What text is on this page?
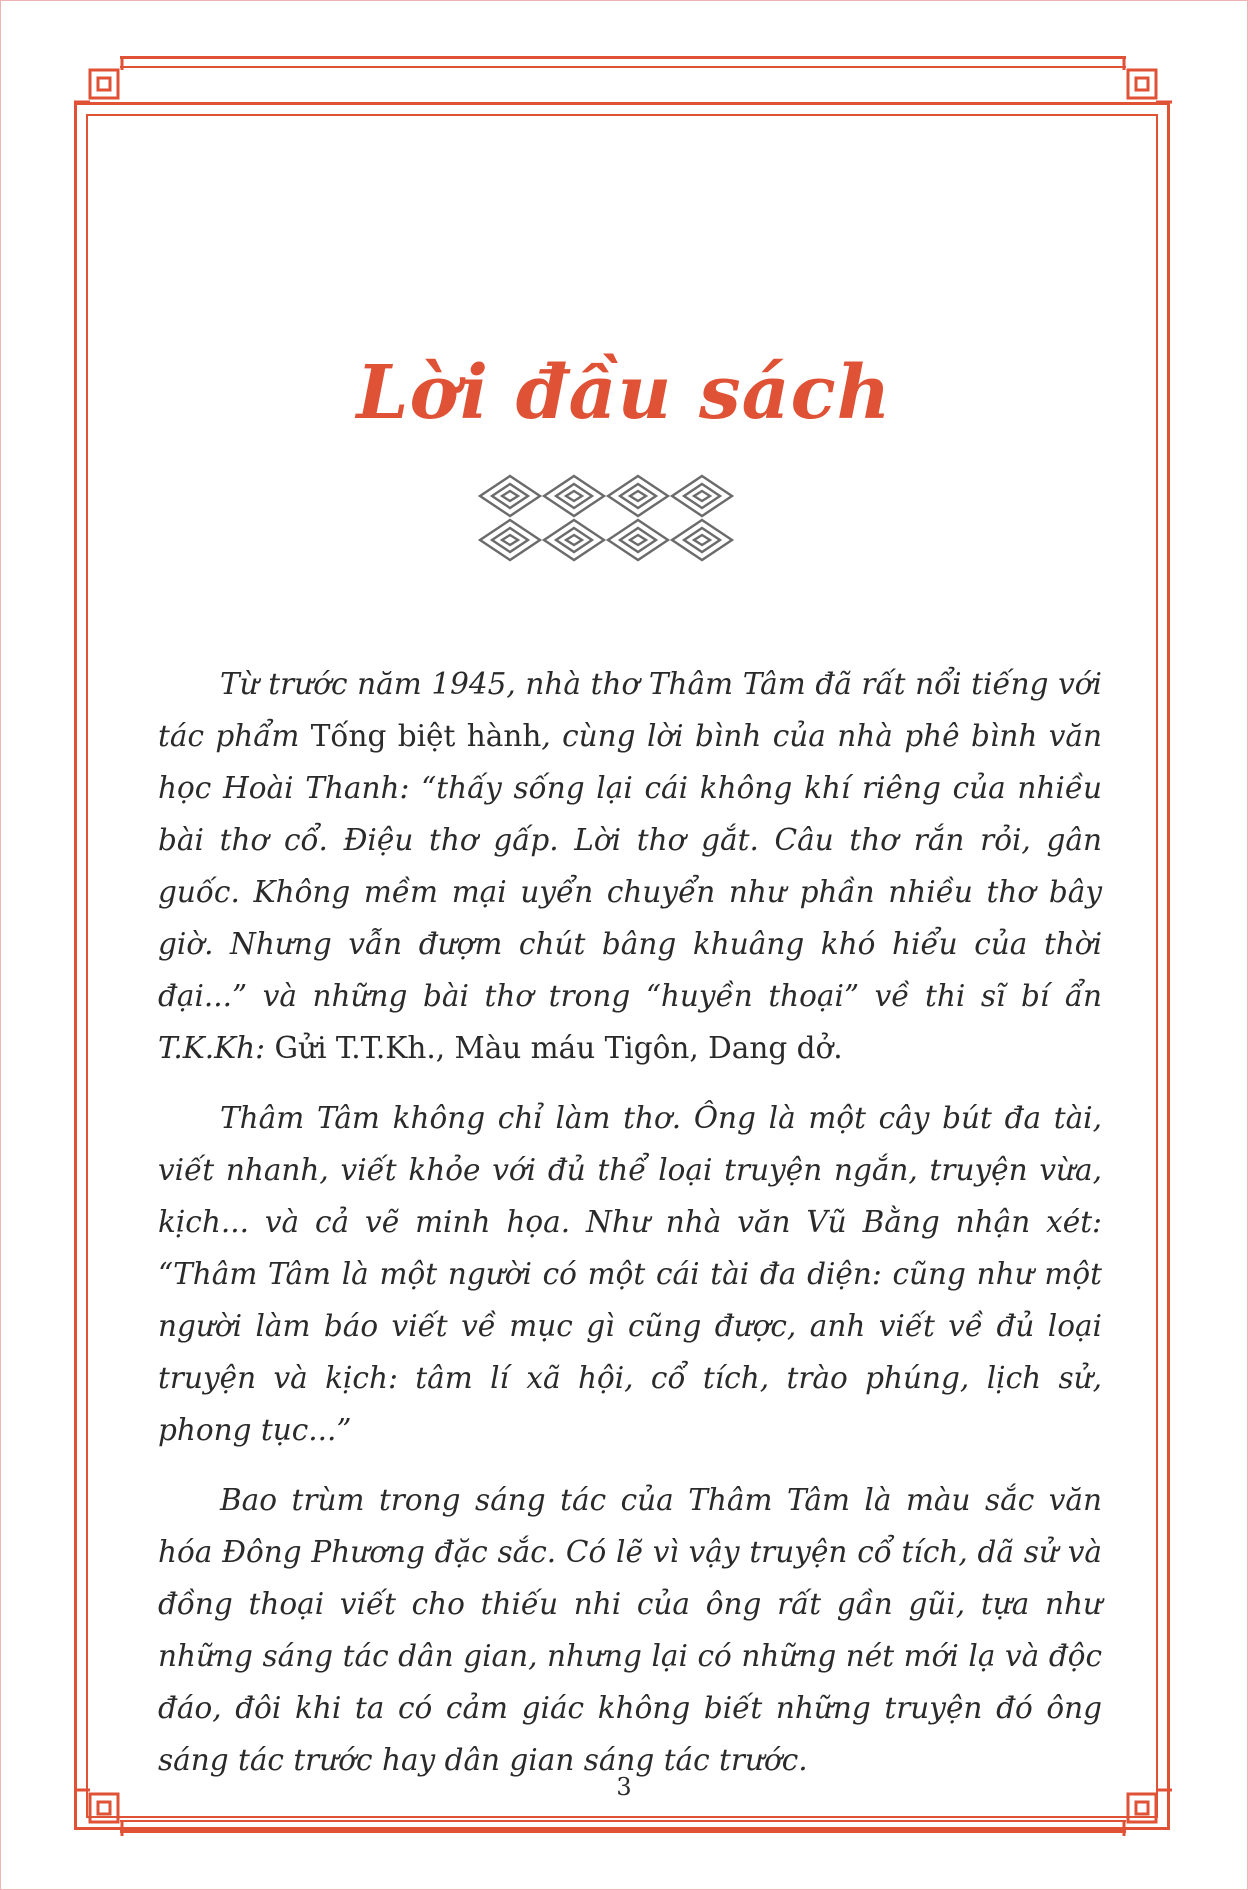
Lời đầu sách

Từ trước năm 1945, nhà thơ Thâm Tâm đã rất nổi tiếng với tác phẩm Tống biệt hành, cùng lời bình của nhà phê bình văn học Hoài Thanh: “thấy sống lại cái không khí riêng của nhiều bài thơ cổ. Điệu thơ gấp. Lời thơ gắt. Câu thơ rắn rỏi, gân guốc. Không mềm mại uyển chuyển như phần nhiều thơ bây giờ. Nhưng vẫn đượm chút bâng khuâng khó hiểu của thời đại...” và những bài thơ trong “huyền thoại” về thi sĩ bí ẩn T.K.Kh: Gửi T.T.Kh., Màu máu Tigôn, Dang dở.

Thâm Tâm không chỉ làm thơ. Ông là một cây bút đa tài, viết nhanh, viết khỏe với đủ thể loại truyện ngắn, truyện vừa, kịch... và cả vẽ minh họa. Như nhà văn Vũ Bằng nhận xét: “Thâm Tâm là một người có một cái tài đa diện: cũng như một người làm báo viết về mục gì cũng được, anh viết về đủ loại truyện và kịch: tâm lí xã hội, cổ tích, trào phúng, lịch sử, phong tục...”

Bao trùm trong sáng tác của Thâm Tâm là màu sắc văn hóa Đông Phương đặc sắc. Có lẽ vì vậy truyện cổ tích, dã sử và đồng thoại viết cho thiếu nhi của ông rất gần gũi, tựa như những sáng tác dân gian, nhưng lại có những nét mới lạ và độc đáo, đôi khi ta có cảm giác không biết những truyện đó ông sáng tác trước hay dân gian sáng tác trước.

3
